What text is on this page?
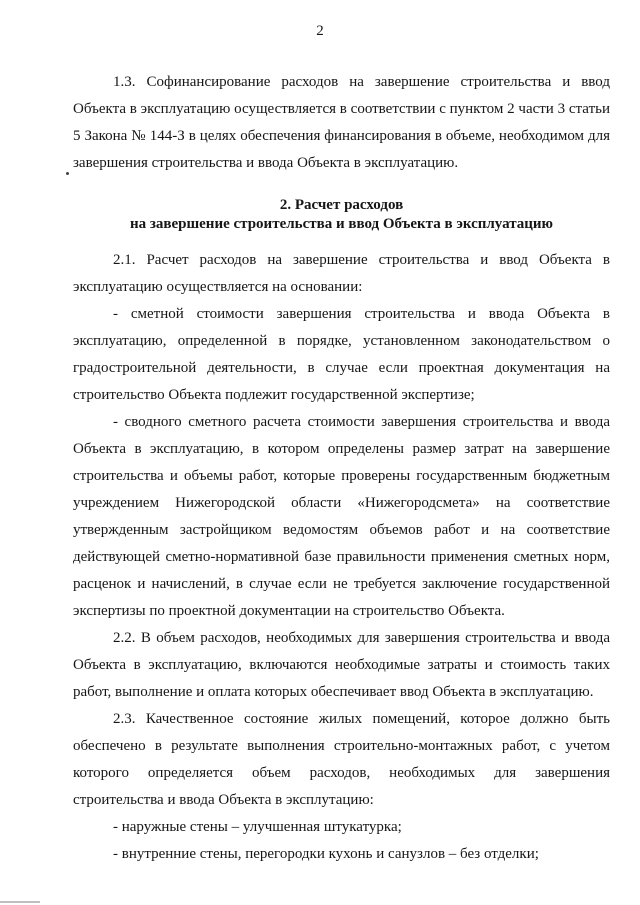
2

1.3. Софинансирование расходов на завершение строительства и ввод Объекта в эксплуатацию осуществляется в соответствии с пунктом 2 части 3 статьи 5 Закона № 144-З в целях обеспечения финансирования в объеме, необходимом для завершения строительства и ввода Объекта в эксплуатацию.

2. Расчет расходов
на завершение строительства и ввод Объекта в эксплуатацию

2.1. Расчет расходов на завершение строительства и ввод Объекта в эксплуатацию осуществляется на основании:

- сметной стоимости завершения строительства и ввода Объекта в эксплуатацию, определенной в порядке, установленном законодательством о градостроительной деятельности, в случае если проектная документация на строительство Объекта подлежит государственной экспертизе;

- сводного сметного расчета стоимости завершения строительства и ввода Объекта в эксплуатацию, в котором определены размер затрат на завершение строительства и объемы работ, которые проверены государственным бюджетным учреждением Нижегородской области «Нижегородсмета» на соответствие утвержденным застройщиком ведомостям объемов работ и на соответствие действующей сметно-нормативной базе правильности применения сметных норм, расценок и начислений, в случае если не требуется заключение государственной экспертизы по проектной документации на строительство Объекта.

2.2. В объем расходов, необходимых для завершения строительства и ввода Объекта в эксплуатацию, включаются необходимые затраты и стоимость таких работ, выполнение и оплата которых обеспечивает ввод Объекта в эксплуатацию.

2.3. Качественное состояние жилых помещений, которое должно быть обеспечено в результате выполнения строительно-монтажных работ, с учетом которого определяется объем расходов, необходимых для завершения строительства и ввода Объекта в эксплутацию:

- наружные стены – улучшенная штукатурка;

- внутренние стены, перегородки кухонь и санузлов – без отделки;
